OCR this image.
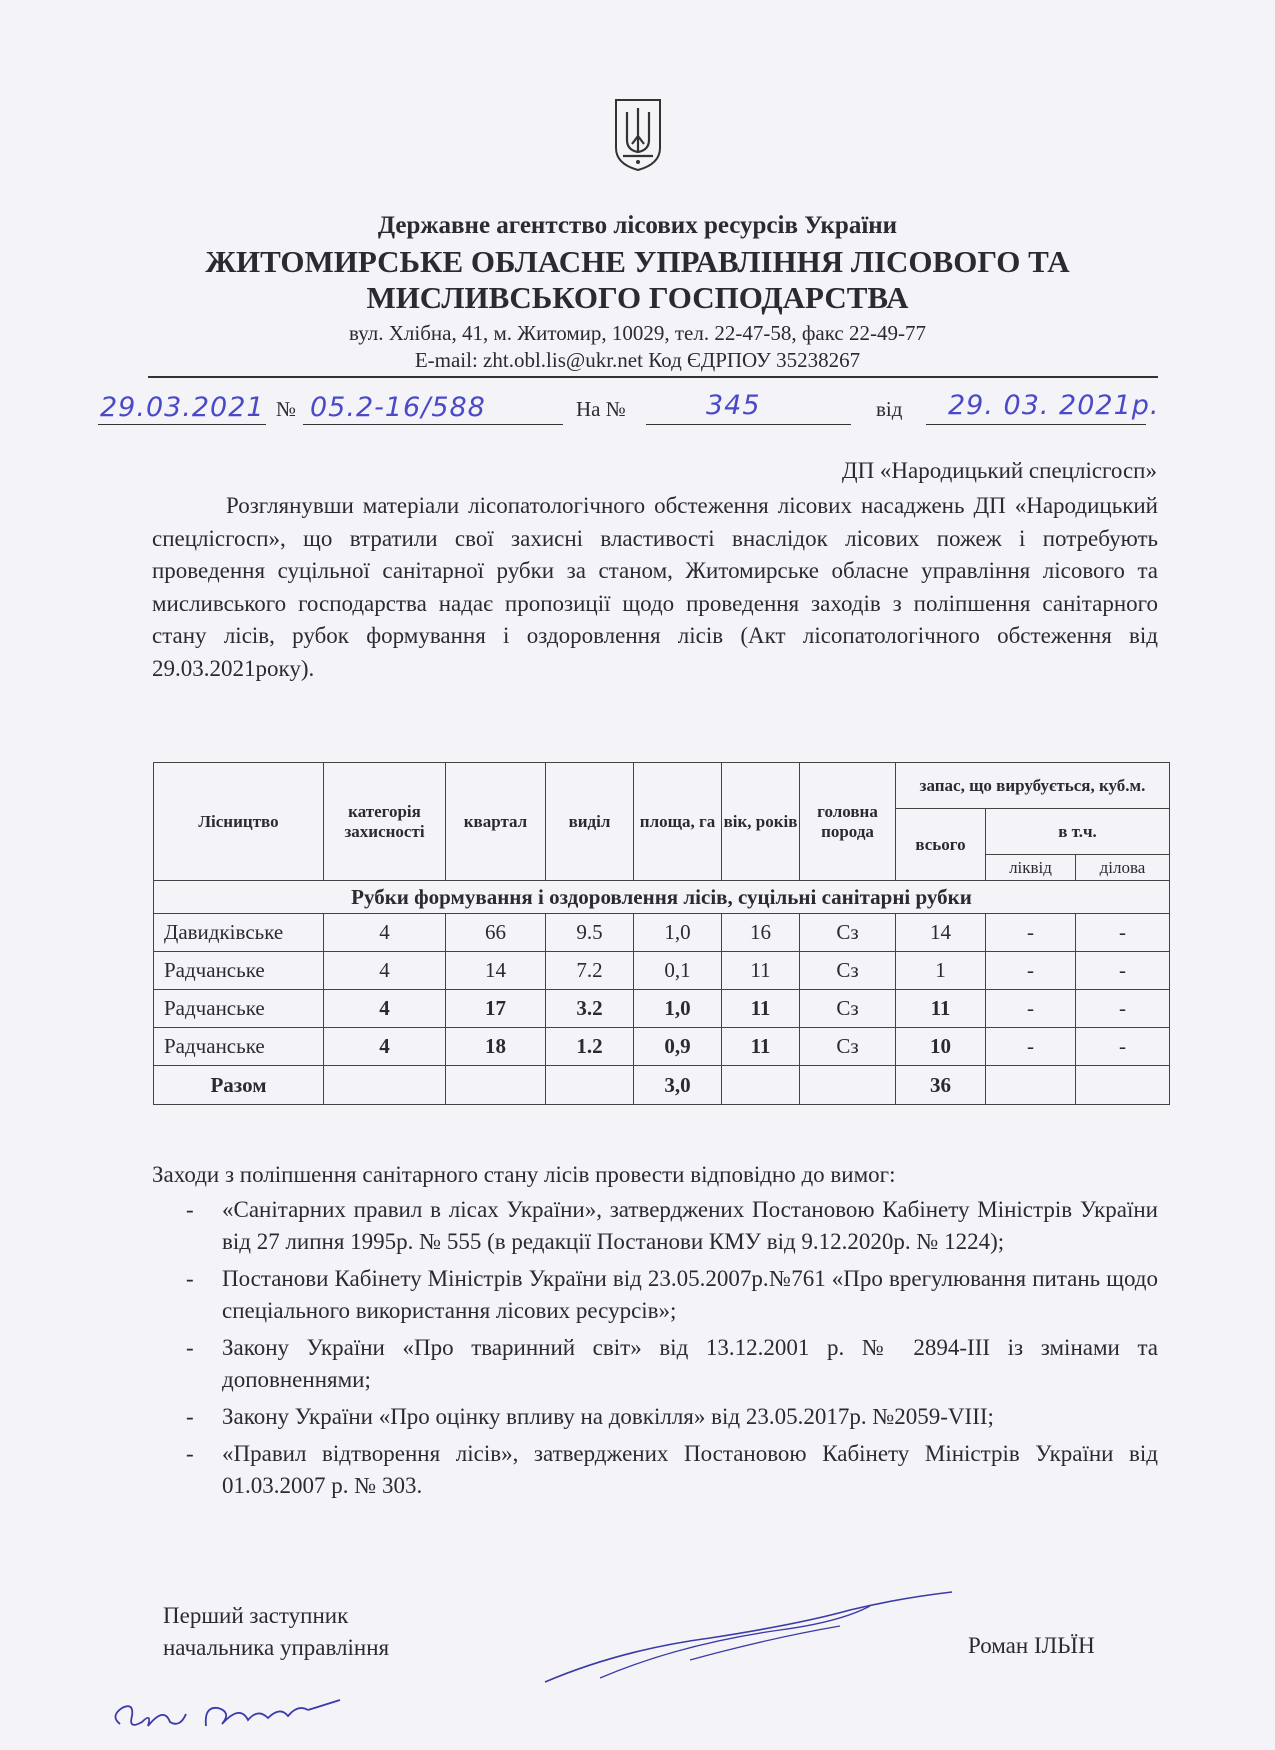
Державне агентство лісових ресурсів України
ЖИТОМИРСЬКЕ ОБЛАСНЕ УПРАВЛІННЯ ЛІСОВОГО ТА
МИСЛИВСЬКОГО ГОСПОДАРСТВА
вул. Хлібна, 41, м. Житомир, 10029, тел. 22-47-58, факс 22-49-77
E-mail: zht.obl.lis@ukr.net Код ЄДРПОУ 35238267
29.03.2021 № 05.2-16/588	На №	345	від 29. 03. 2021р.
ДП «Народицький спецлісгосп»

Розглянувши матеріали лісопатологічного обстеження лісових насаджень ДП «Народицький спецлісгосп», що втратили свої захисні властивості внаслідок лісових пожеж і потребують проведення суцільної санітарної рубки за станом, Житомирське обласне управління лісового та мисливського господарства надає пропозиції щодо проведення заходів з поліпшення санітарного стану лісів, рубок формування і оздоровлення лісів (Акт лісопатологічного обстеження від 29.03.2021року).

Лісництво	категорія захисності	квартал	виділ	площа, га	вік, років	головна порода	запас, що вирубується, куб.м.		
							всього	в т.ч.	
								ліквід	ділова
Рубки формування і оздоровлення лісів, суцільні санітарні рубки									
Давидківське	4	66	9.5	1,0	16	Сз	14	-	-
Радчанське	4	14	7.2	0,1	11	Сз	1	-	-
Радчанське	4	17	3.2	1,0	11	Сз	11	-	-
Радчанське	4	18	1.2	0,9	11	Сз	10	-	-
Разом				3,0			36		
Заходи з поліпшення санітарного стану лісів провести відповідно до вимог:
- «Санітарних правил в лісах України», затверджених Постановою Кабінету Міністрів України від 27 липня 1995р. № 555 (в редакції Постанови КМУ від 9.12.2020р. № 1224);
- Постанови Кабінету Міністрів України від 23.05.2007р.№761 «Про врегулювання питань щодо спеціального використання лісових ресурсів»;
- Закону України «Про тваринний світ» від 13.12.2001 р. № 2894-ІІІ із змінами та доповненнями;
- Закону України «Про оцінку впливу на довкілля» від 23.05.2017р. №2059-VIII;
- «Правил відтворення лісів», затверджених Постановою Кабінету Міністрів України від 01.03.2007 р. № 303.
Перший заступник
начальника управління	Роман ІЛЬЇН
